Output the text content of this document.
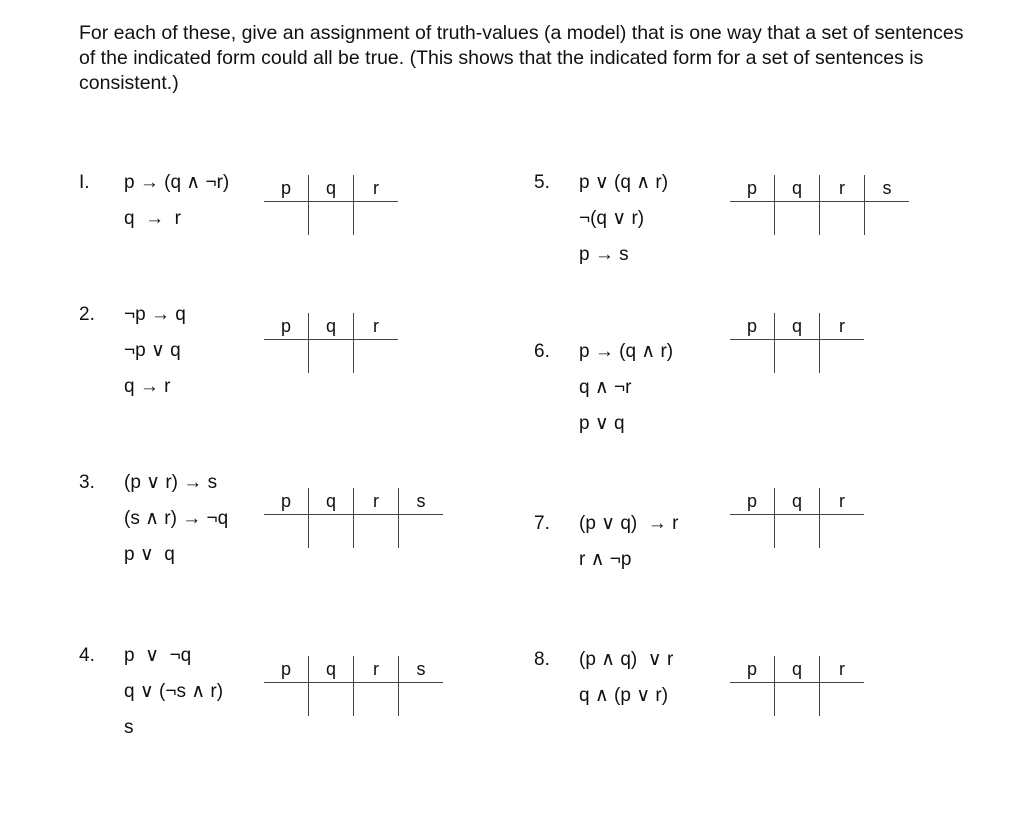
For each of these, give an assignment of truth-values (a model) that is one way that a set of sentences of the indicated form could all be true. (This shows that the indicated form for a set of sentences is consistent.)

I. p → (q ∧ ¬r)
q  →  r
p	q	r

2. ¬p → q
¬p ∨ q
q → r
p	q	r

3. (p ∨ r) → s
(s ∧ r) → ¬q
p ∨  q
p	q	r	s

4. p  ∨  ¬q
q ∨ (¬s ∧ r)
s
p	q	r	s

5. p ∨ (q ∧ r)
¬(q ∨ r)
p → s
p	q	r	s

6. p → (q ∧ r)
q ∧ ¬r
p ∨ q
p	q	r

7. (p ∨ q)  → r
r ∧ ¬p
p	q	r

8. (p ∧ q)  ∨ r
q ∧ (p ∨ r)
p	q	r
